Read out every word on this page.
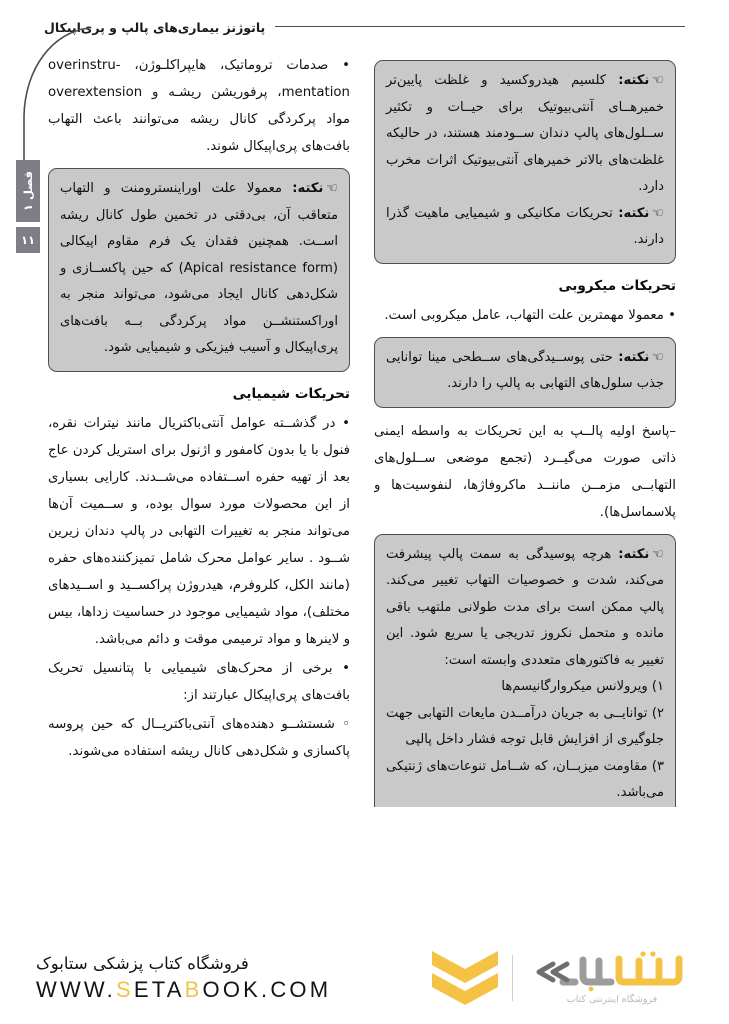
پاتوژنز بیماری‌های پالپ و پری‌اپیکال
فصل ۱
۱۱

• صدمات تروماتیک، هایپراکلـوژن، overinstru-mentation، پرفوریشن ریشـه و overextension مواد پرکردگی کانال ریشه می‌توانند باعث التهاب بافت‌های پری‌اپیکال شوند.

☞نکته: معمولا علت اوراینسترومنت و التهاب متعاقب آن، بی‌دقتی در تخمین طول کانال ریشه اســت. همچنین فقدان یک فرم مقاوم اپیکالی (Apical resistance form) که حین پاکســازی و شکل‌دهی کانال ایجاد می‌شود، می‌تواند منجر به اوراکستنشــن مواد پرکردگی بــه بافت‌های پری‌اپیکال و آسیب فیزیکی و شیمیایی شود.

تحریکات شیمیایی

• در گذشــته عوامل آنتی‌باکتریال مانند نیترات نقره، فنول با یا بدون کامفور و اژنول برای استریل کردن عاج بعد از تهیه حفره اســتفاده می‌شــدند. کارایی بسیاری از این محصولات مورد سوال بوده، و ســمیت آن‌ها می‌تواند منجر به تغییرات التهابی در پالپ دندان زیرین شــود . سایر عوامل محرک شامل تمیزکننده‌های حفره (مانند الکل، کلروفرم، هیدروژن پراکســید و اســیدهای مختلف)، مواد شیمیایی موجود در حساسیت زداها، بیس و لاینرها و مواد ترمیمی موقت و دائم می‌باشد.

• برخی از محرک‌های شیمیایی با پتانسیل تحریک بافت‌های پری‌اپیکال عبارتند از:

◦ شستشــو دهنده‌های آنتی‌باکتریــال که حین پروسه پاکسازی و شکل‌دهی کانال ریشه استفاده می‌شوند.

☞نکته: کلسیم هیدروکسید و غلظت پایین‌تر خمیرهــای آنتی‌بیوتیک برای حیــات و تکثیر ســلول‌های پالپ دندان ســودمند هستند، در حالیکه غلظت‌های بالاتر خمیرهای آنتی‌بیوتیک اثرات مخرب دارد.

☞نکته: تحریکات مکانیکی و شیمیایی ماهیت گذرا دارند.

تحریکات میکروبی

• معمولا مهمترین علت التهاب، عامل میکروبی است.

☞نکته: حتی پوســیدگی‌های ســطحی مینا توانایی جذب سلول‌های التهابی به پالپ را دارند.

–پاسخ اولیه پالــپ به این تحریکات به واسطه ایمنی ذاتی صورت می‌گیــرد (تجمع موضعی ســلول‌های التهابــی مزمــن ماننــد ماکروفاژها، لنفوسیت‌ها و پلاسماسل‌ها).

☞نکته: هرچه پوسیدگی به سمت پالپ پیشرفت می‌کند، شدت و خصوصیات التهاب تغییر می‌کند. پالپ ممکن است برای مدت طولانی ملتهب باقی مانده و متحمل نکروز تدریجی یا سریع شود. این تغییر به فاکتورهای متعددی وابسته است:

۱) ویرولانس میکروارگانیسم‌ها

۲) توانایــی به جریان درآمــدن مایعات التهابی جهت جلوگیری از افزایش قابل توجه فشار داخل پالپی

۳) مقاومت میزبــان، که شــامل تنوعات‌های ژنتیکی می‌باشد.

فروشگاه اینترنتی کتاب
فروشگاه کتاب پزشکی ستابوک
WWW.SETABOOK.COM
